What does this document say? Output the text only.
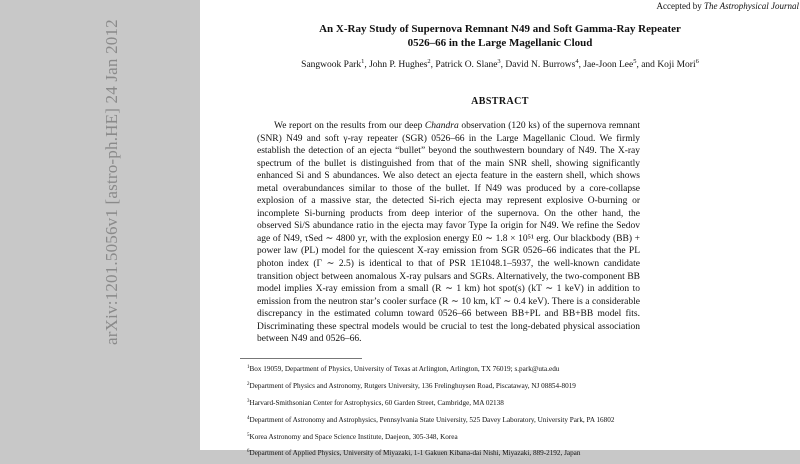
arXiv:1201.5056v1 [astro-ph.HE] 24 Jan 2012
Accepted by The Astrophysical Journal
An X-Ray Study of Supernova Remnant N49 and Soft Gamma-Ray Repeater
0526–66 in the Large Magellanic Cloud
Sangwook Park$^1$, John P. Hughes$^2$, Patrick O. Slane$^3$, David N. Burrows$^4$, Jae-Joon Lee$^5$, and Koji Mori$^6$
ABSTRACT
We report on the results from our deep Chandra observation (120 ks) of the supernova remnant (SNR) N49 and soft γ-ray repeater (SGR) 0526–66 in the Large Magellanic Cloud. We firmly establish the detection of an ejecta “bullet” beyond the southwestern boundary of N49. The X-ray spectrum of the bullet is distinguished from that of the main SNR shell, showing significantly enhanced Si and S abundances. We also detect an ejecta feature in the eastern shell, which shows metal overabundances similar to those of the bullet. If N49 was produced by a core-collapse explosion of a massive star, the detected Si-rich ejecta may represent explosive O-burning or incomplete Si-burning products from deep interior of the supernova. On the other hand, the observed Si/S abundance ratio in the ejecta may favor Type Ia origin for N49. We refine the Sedov age of N49, τSed ∼ 4800 yr, with the explosion energy E0 ∼ 1.8 × 10⁵¹ erg. Our blackbody (BB) + power law (PL) model for the quiescent X-ray emission from SGR 0526–66 indicates that the PL photon index (Γ ∼ 2.5) is identical to that of PSR 1E1048.1–5937, the well-known candidate transition object between anomalous X-ray pulsars and SGRs. Alternatively, the two-component BB model implies X-ray emission from a small (R ∼ 1 km) hot spot(s) (kT ∼ 1 keV) in addition to emission from the neutron star’s cooler surface (R ∼ 10 km, kT ∼ 0.4 keV). There is a considerable discrepancy in the estimated column toward 0526–66 between BB+PL and BB+BB model fits. Discriminating these spectral models would be crucial to test the long-debated physical association between N49 and 0526–66.
$^1$Box 19059, Department of Physics, University of Texas at Arlington, Arlington, TX 76019; s.park@uta.edu
$^2$Department of Physics and Astronomy, Rutgers University, 136 Frelinghuysen Road, Piscataway, NJ 08854-8019
$^3$Harvard-Smithsonian Center for Astrophysics, 60 Garden Street, Cambridge, MA 02138
$^4$Department of Astronomy and Astrophysics, Pennsylvania State University, 525 Davey Laboratory, University Park, PA 16802
$^5$Korea Astronomy and Space Science Institute, Daejeon, 305-348, Korea
$^6$Department of Applied Physics, University of Miyazaki, 1-1 Gakuen Kibana-dai Nishi, Miyazaki, 889-2192, Japan
